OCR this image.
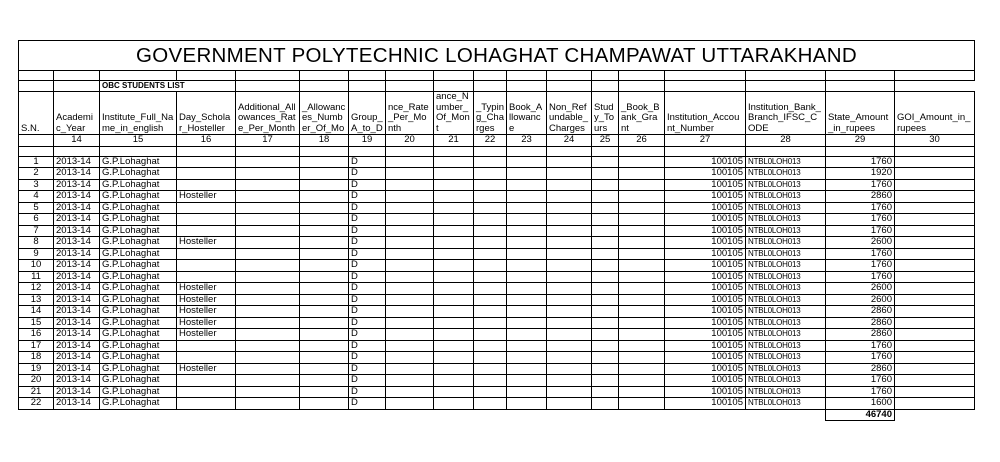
GOVERNMENT POLYTECHNIC LOHAGHAT CHAMPAWAT UTTARAKHAND																	

		OBC STUDENTS LIST															
S.N.	Academic_Year	Institute_Full_Name_in_english	Day_Scholar_Hosteller	Additional_Allowances_Rate_Per_Month	_Allowances_Number_Of_Mo	Group_A_to_D	nce_Rate_Per_Month	ance_Number_Of_Mont	_Typing_Charges	Book_Allowance	Non_Refundable_Charges	Study_Tours	_Book_Bank_Grant	Institution_Account_Number	Institution_Bank_Branch_IFSC_CODE	State_Amount_in_rupees	GOI_Amount_in_rupees
	14	15	16	17	18	19	20	21	22	23	24	25	26	27	28	29	30

1	2013-14	G.P.Lohaghat				D								100105	NTBL0LOH013	1760	
2	2013-14	G.P.Lohaghat				D								100105	NTBL0LOH013	1920	
3	2013-14	G.P.Lohaghat				D								100105	NTBL0LOH013	1760	
4	2013-14	G.P.Lohaghat	Hosteller			D								100105	NTBL0LOH013	2860	
5	2013-14	G.P.Lohaghat				D								100105	NTBL0LOH013	1760	
6	2013-14	G.P.Lohaghat				D								100105	NTBL0LOH013	1760	
7	2013-14	G.P.Lohaghat				D								100105	NTBL0LOH013	1760	
8	2013-14	G.P.Lohaghat	Hosteller			D								100105	NTBL0LOH013	2600	
9	2013-14	G.P.Lohaghat				D								100105	NTBL0LOH013	1760	
10	2013-14	G.P.Lohaghat				D								100105	NTBL0LOH013	1760	
11	2013-14	G.P.Lohaghat				D								100105	NTBL0LOH013	1760	
12	2013-14	G.P.Lohaghat	Hosteller			D								100105	NTBL0LOH013	2600	
13	2013-14	G.P.Lohaghat	Hosteller			D								100105	NTBL0LOH013	2600	
14	2013-14	G.P.Lohaghat	Hosteller			D								100105	NTBL0LOH013	2860	
15	2013-14	G.P.Lohaghat	Hosteller			D								100105	NTBL0LOH013	2860	
16	2013-14	G.P.Lohaghat	Hosteller			D								100105	NTBL0LOH013	2860	
17	2013-14	G.P.Lohaghat				D								100105	NTBL0LOH013	1760	
18	2013-14	G.P.Lohaghat				D								100105	NTBL0LOH013	1760	
19	2013-14	G.P.Lohaghat	Hosteller			D								100105	NTBL0LOH013	2860	
20	2013-14	G.P.Lohaghat				D								100105	NTBL0LOH013	1760	
21	2013-14	G.P.Lohaghat				D								100105	NTBL0LOH013	1760	
22	2013-14	G.P.Lohaghat				D								100105	NTBL0LOH013	1600	
																46740	
